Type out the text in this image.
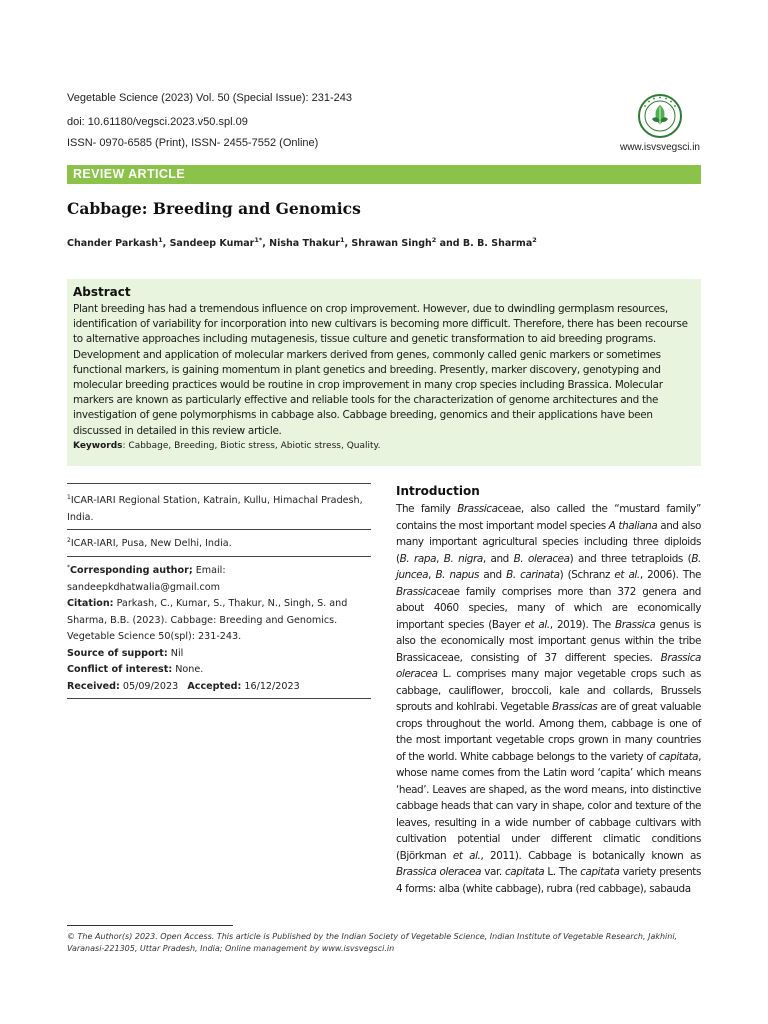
Vegetable Science (2023) Vol. 50 (Special Issue): 231-243
doi: 10.61180/vegsci.2023.v50.spl.09
ISSN- 0970-6585 (Print), ISSN- 2455-7552 (Online)	www.isvsvegsci.in
REVIEW ARTICLE
Cabbage: Breeding and Genomics
Chander Parkash$^1$, Sandeep Kumar$^{1*}$, Nisha Thakur$^1$, Shrawan Singh$^2$ and B. B. Sharma$^2$
Abstract

Plant breeding has had a tremendous influence on crop improvement. However, due to dwindling germplasm resources, identification of variability for incorporation into new cultivars is becoming more difficult. Therefore, there has been recourse to alternative approaches including mutagenesis, tissue culture and genetic transformation to aid breeding programs. Development and application of molecular markers derived from genes, commonly called genic markers or sometimes functional markers, is gaining momentum in plant genetics and breeding. Presently, marker discovery, genotyping and molecular breeding practices would be routine in crop improvement in many crop species including Brassica. Molecular markers are known as particularly effective and reliable tools for the characterization of genome architectures and the investigation of gene polymorphisms in cabbage also. Cabbage breeding, genomics and their applications have been discussed in detailed in this review article.

Keywords: Cabbage, Breeding, Biotic stress, Abiotic stress, Quality.

$^1$ICAR-IARI Regional Station, Katrain, Kullu, Himachal Pradesh, India.

$^2$ICAR-IARI, Pusa, New Delhi, India.

*Corresponding author; Email: sandeepkdhatwalia@gmail.com

Citation: Parkash, C., Kumar, S., Thakur, N., Singh, S. and Sharma, B.B. (2023). Cabbage: Breeding and Genomics. Vegetable Science 50(spl): 231-243.

Source of support: Nil

Conflict of interest: None.

Received: 05/09/2023 Accepted: 16/12/2023

Introduction

The family Brassicaceae, also called the “mustard family” contains the most important model species A thaliana and also many important agricultural species including three diploids (B. rapa, B. nigra, and B. oleracea) and three tetraploids (B. juncea, B. napus and B. carinata) (Schranz et al., 2006). The Brassicaceae family comprises more than 372 genera and about 4060 species, many of which are economically important species (Bayer et al., 2019). The Brassica genus is also the economically most important genus within the tribe Brassicaceae, consisting of 37 different species. Brassica oleracea L. comprises many major vegetable crops such as cabbage, cauliflower, broccoli, kale and collards, Brussels sprouts and kohlrabi. Vegetable Brassicas are of great valuable crops throughout the world. Among them, cabbage is one of the most important vegetable crops grown in many countries of the world. White cabbage belongs to the variety of capitata, whose name comes from the Latin word ‘capita’ which means ‘head’. Leaves are shaped, as the word means, into distinctive cabbage heads that can vary in shape, color and texture of the leaves, resulting in a wide number of cabbage cultivars with cultivation potential under different climatic conditions (Björkman et al., 2011). Cabbage is botanically known as Brassica oleracea var. capitata L. The capitata variety presents 4 forms: alba (white cabbage), rubra (red cabbage), sabauda

© The Author(s) 2023. Open Access. This article is Published by the Indian Society of Vegetable Science, Indian Institute of Vegetable Research, Jakhini, Varanasi-221305, Uttar Pradesh, India; Online management by www.isvsvegsci.in
